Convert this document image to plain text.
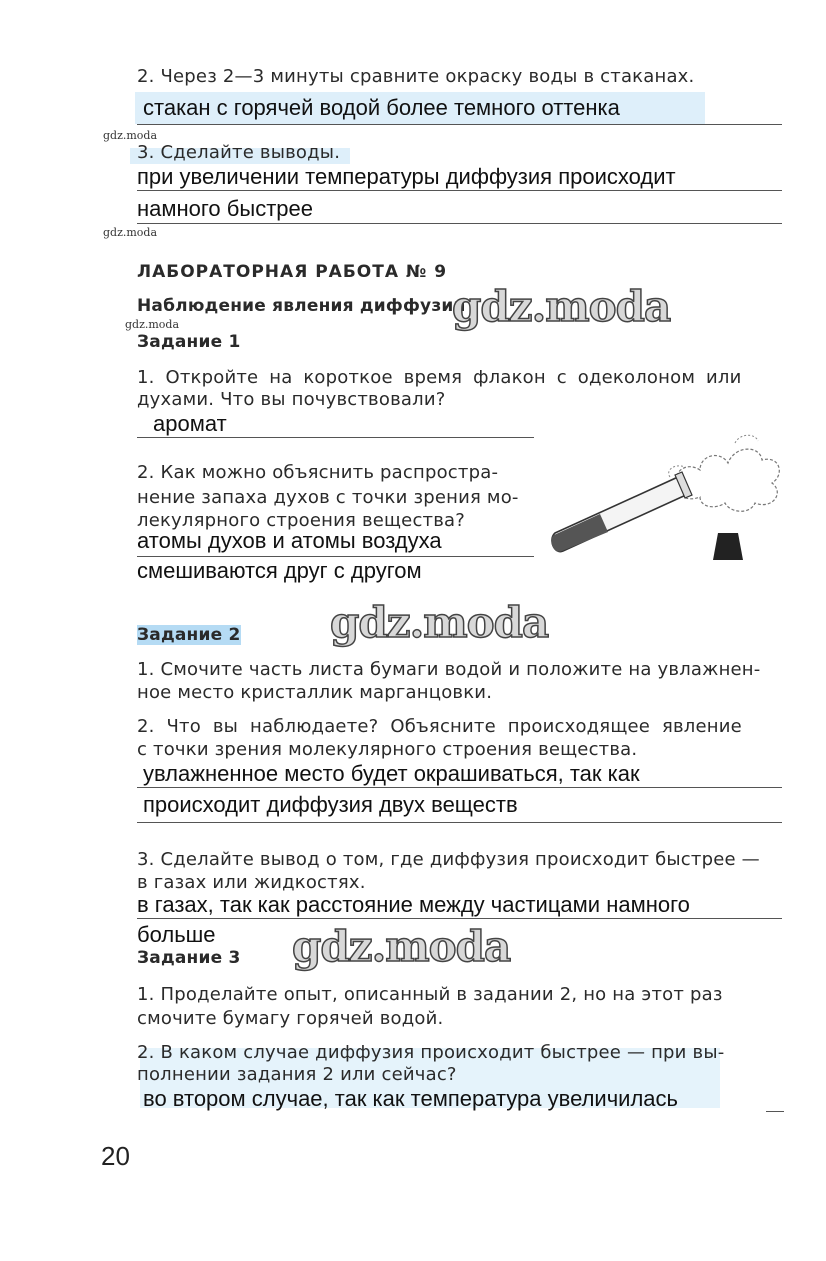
2. Через 2—3 минуты сравните окраску воды в стаканах.
стакан с горячей водой более темного оттенка
gdz.moda
3. Сделайте выводы.
при увеличении температуры диффузия происходит
намного быстрее
gdz.moda
ЛАБОРАТОРНАЯ РАБОТА № 9
Наблюдение явления диффузии
gdz.moda
gdz.moda
Задание 1
1. Откройте на короткое время флакон с одеколоном или
духами. Что вы почувствовали?
аромат
2. Как можно объяснить распростра-
нение запаха духов с точки зрения мо-
лекулярного строения вещества?
атомы духов и атомы воздуха
смешиваются друг с другом
gdz.moda
Задание 2
1. Смочите часть листа бумаги водой и положите на увлажнен-
ное место кристаллик марганцовки.
2. Что вы наблюдаете? Объясните происходящее явление
с точки зрения молекулярного строения вещества.
увлажненное место будет окрашиваться, так как
происходит диффузия двух веществ
3. Сделайте вывод о том, где диффузия происходит быстрее —
в газах или жидкостях.
в газах, так как расстояние между частицами намного
больше gdz.moda
Задание 3
1. Проделайте опыт, описанный в задании 2, но на этот раз
смочите бумагу горячей водой.
2. В каком случае диффузия происходит быстрее — при вы-
полнении задания 2 или сейчас?
во втором случае, так как температура увеличилась
20
